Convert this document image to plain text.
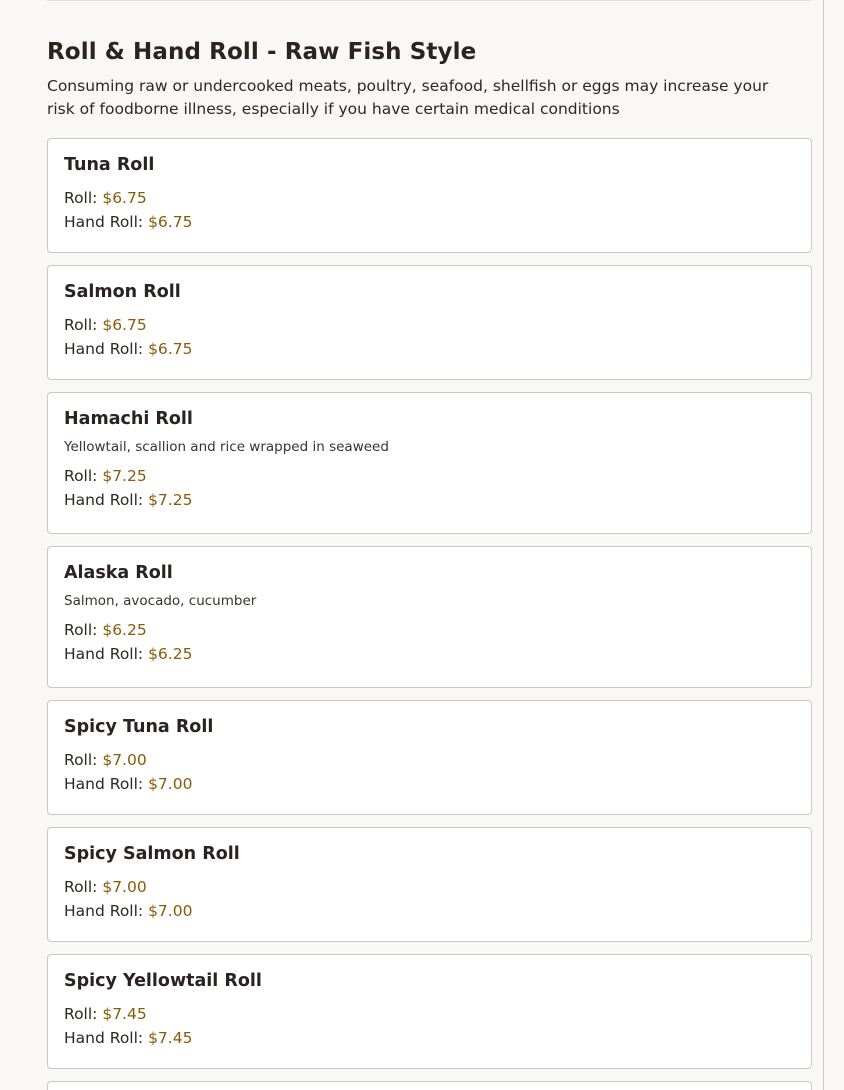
Roll & Hand Roll - Raw Fish Style

Consuming raw or undercooked meats, poultry, seafood, shellfish or eggs may increase your risk of foodborne illness, especially if you have certain medical conditions

Tuna Roll
Roll: $6.75
Hand Roll: $6.75
Salmon Roll
Roll: $6.75
Hand Roll: $6.75
Hamachi Roll
Yellowtail, scallion and rice wrapped in seaweed
Roll: $7.25
Hand Roll: $7.25
Alaska Roll
Salmon, avocado, cucumber
Roll: $6.25
Hand Roll: $6.25
Spicy Tuna Roll
Roll: $7.00
Hand Roll: $7.00
Spicy Salmon Roll
Roll: $7.00
Hand Roll: $7.00
Spicy Yellowtail Roll
Roll: $7.45
Hand Roll: $7.45
